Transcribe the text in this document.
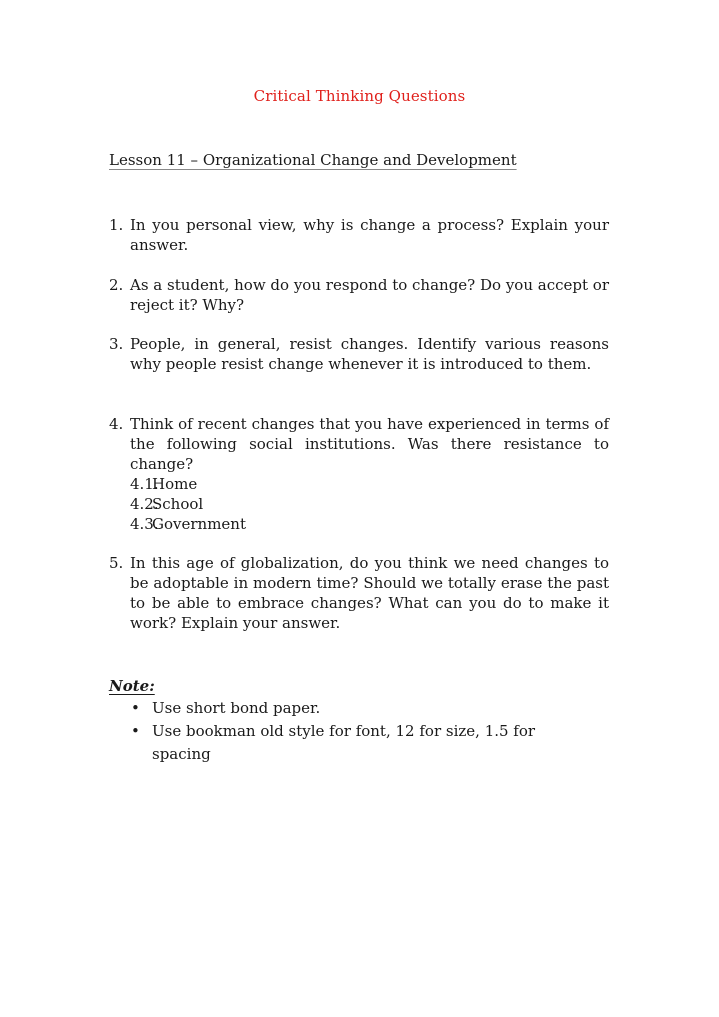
Critical Thinking Questions
Lesson 11 – Organizational Change and Development
1. In you personal view, why is change a process? Explain your answer.
2. As a student, how do you respond to change? Do you accept or reject it? Why?
3. People, in general, resist changes. Identify various reasons why people resist change whenever it is introduced to them.
4. Think of recent changes that you have experienced in terms of the following social institutions. Was there resistance to change?
4.1.
Home
4.2.
School
4.3.
Government
5. In this age of globalization, do you think we need changes to be adoptable in modern time? Should we totally erase the past to be able to embrace changes? What can you do to make it work? Explain your answer.
Note:
• Use short bond paper.
• Use bookman old style for font, 12 for size, 1.5 for spacing
